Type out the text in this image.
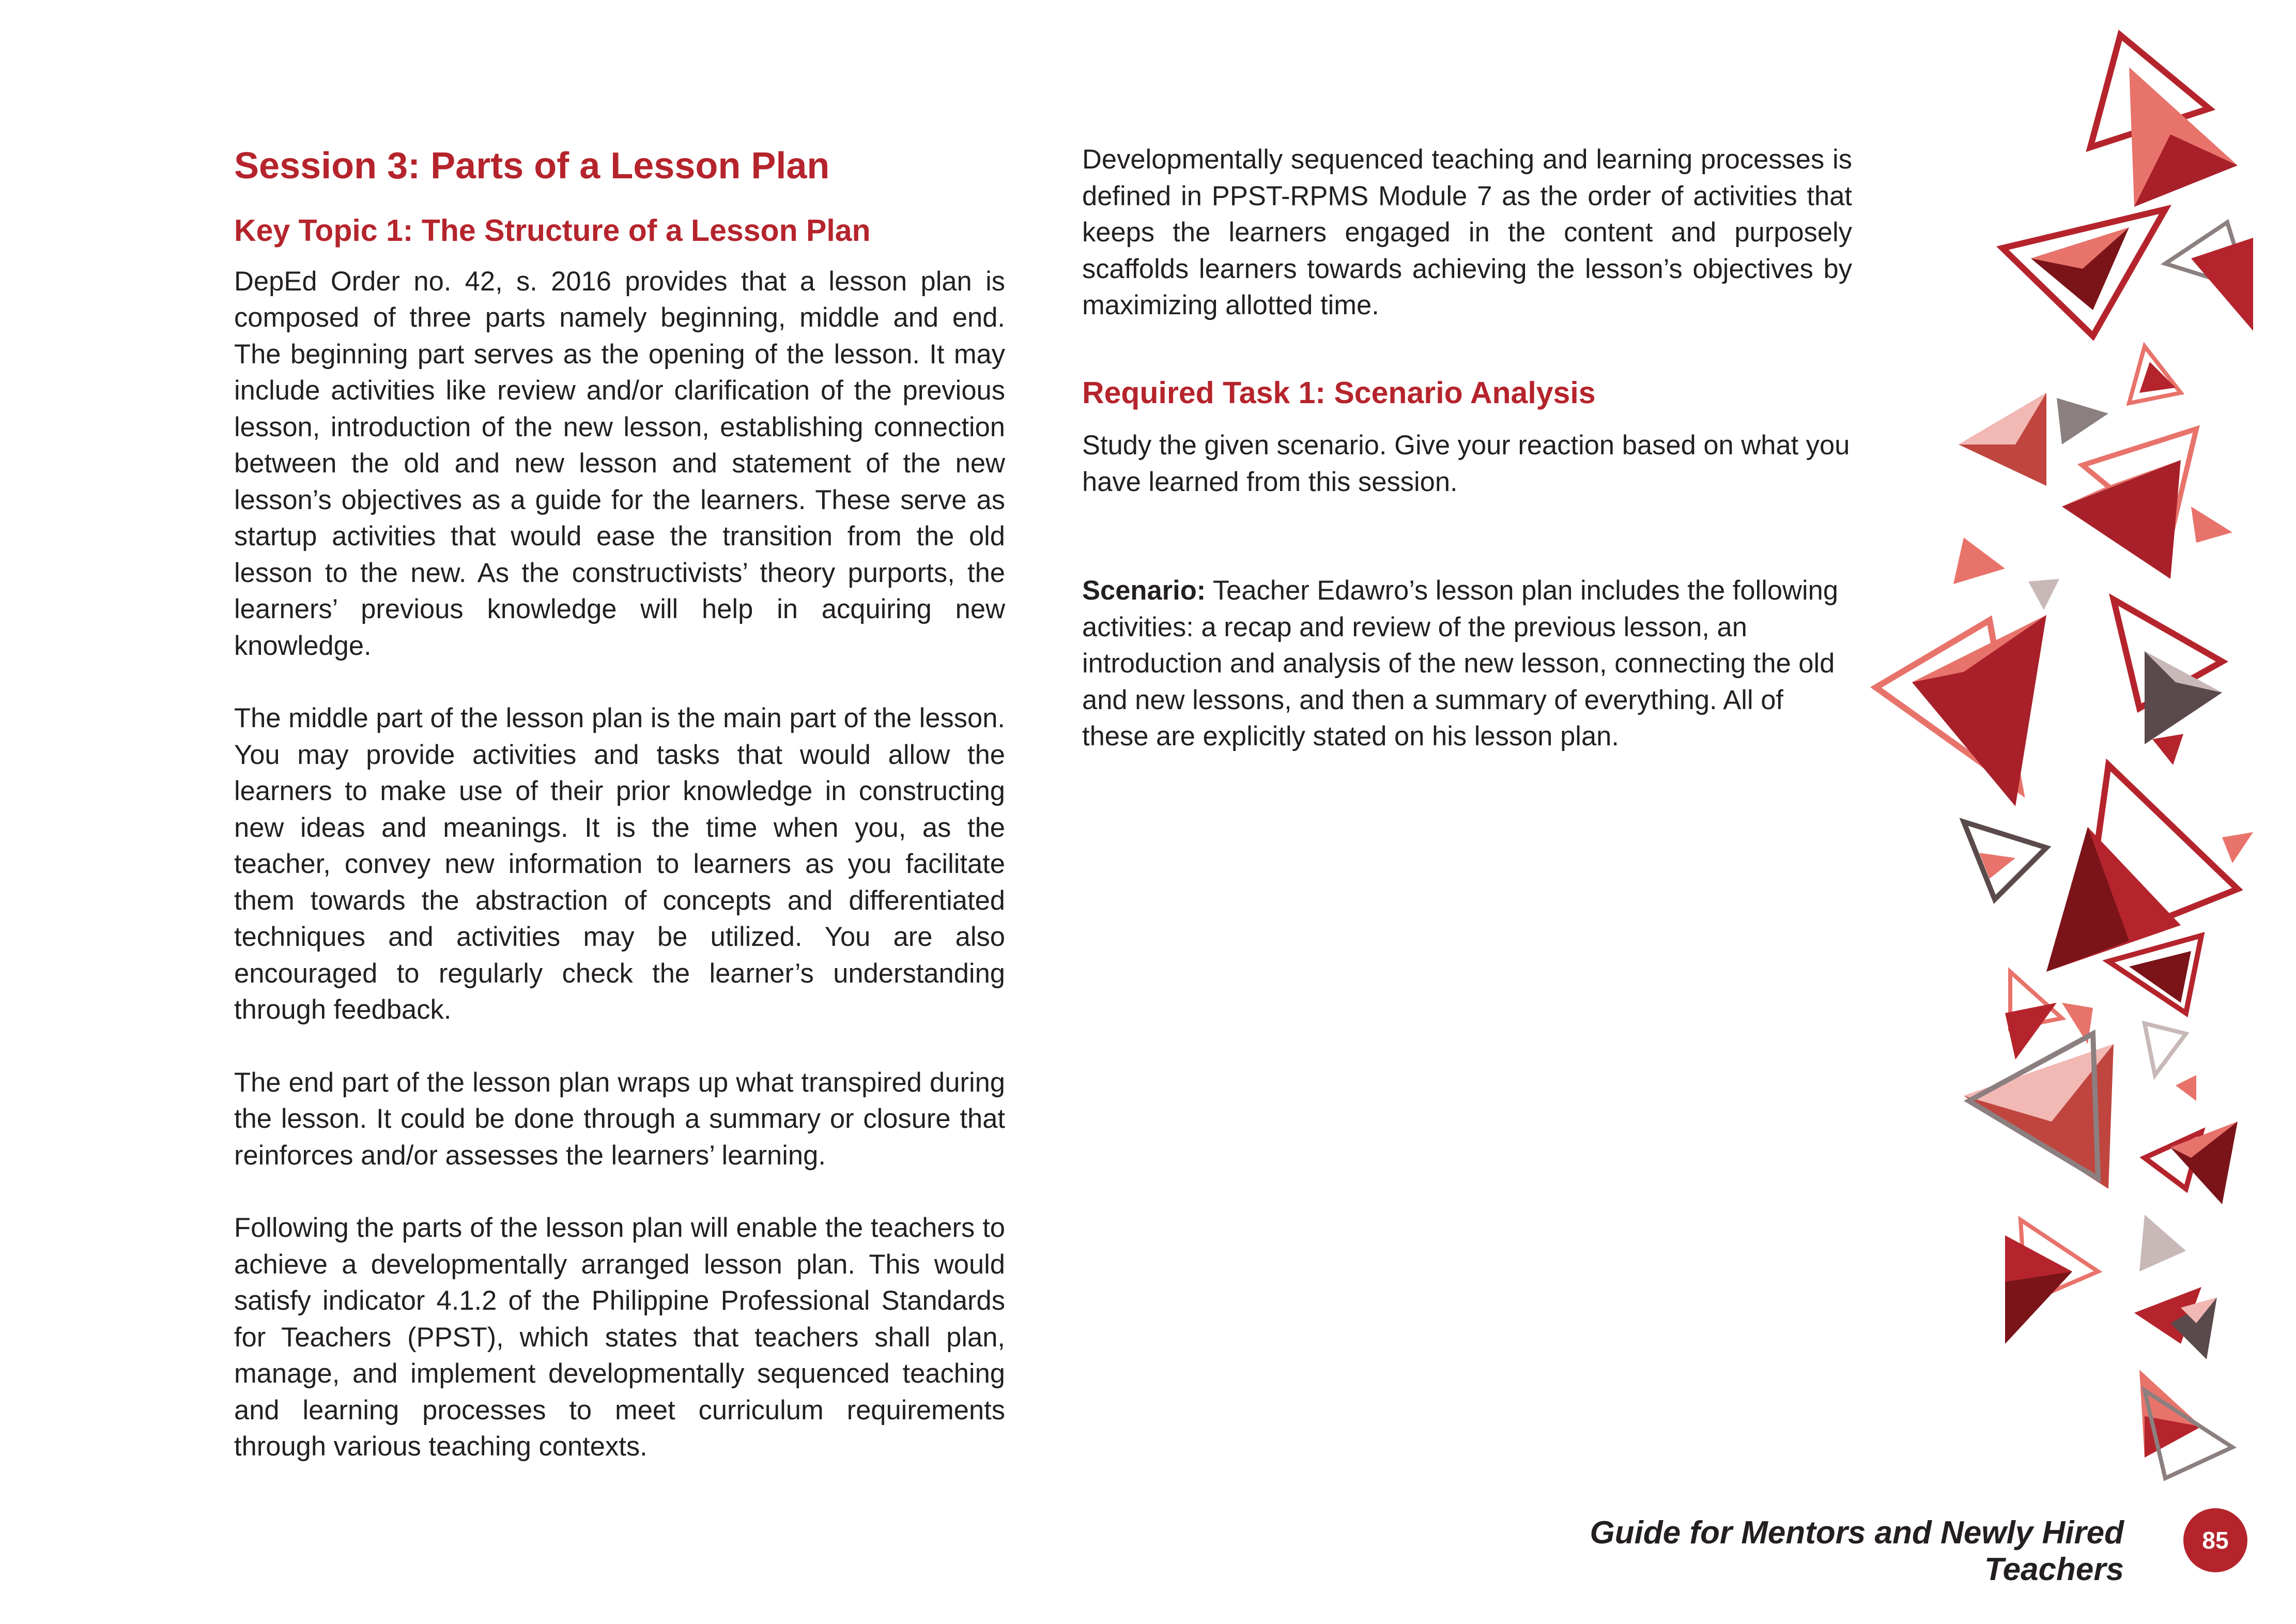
Session 3: Parts of a Lesson Plan
Key Topic 1: The Structure of a Lesson Plan

DepEd Order no. 42, s. 2016 provides that a lesson plan is composed of three parts namely beginning, middle and end. The beginning part serves as the opening of the lesson. It may include activities like review and/or clarification of the previous lesson, introduction of the new lesson, establishing connection between the old and new lesson and statement of the new lesson’s objectives as a guide for the learners. These serve as startup activities that would ease the transition from the old lesson to the new. As the constructivists’ theory purports, the learners’ previous knowledge will help in acquiring new knowledge.

The middle part of the lesson plan is the main part of the lesson. You may provide activities and tasks that would allow the learners to make use of their prior knowledge in constructing new ideas and meanings. It is the time when you, as the teacher, convey new information to learners as you facilitate them towards the abstraction of concepts and differentiated techniques and activities may be utilized. You are also encouraged to regularly check the learner’s understanding through feedback.

The end part of the lesson plan wraps up what transpired during the lesson. It could be done through a summary or closure that reinforces and/or assesses the learners’ learning.

Following the parts of the lesson plan will enable the teachers to achieve a developmentally arranged lesson plan. This would satisfy indicator 4.1.2 of the Philippine Professional Standards for Teachers (PPST), which states that teachers shall plan, manage, and implement developmentally sequenced teaching and learning processes to meet curriculum requirements through various teaching contexts.

Developmentally sequenced teaching and learning processes is defined in PPST-RPMS Module 7 as the order of activities that keeps the learners engaged in the content and purposely scaffolds learners towards achieving the lesson’s objectives by maximizing allotted time.

Required Task 1: Scenario Analysis

Study the given scenario. Give your reaction based on what you have learned from this session.

Scenario: Teacher Edawro’s lesson plan includes the following activities: a recap and review of the previous lesson, an introduction and analysis of the new lesson, connecting the old and new lessons, and then a summary of everything. All of these are explicitly stated on his lesson plan.

Guide for Mentors and Newly Hired Teachers
85
